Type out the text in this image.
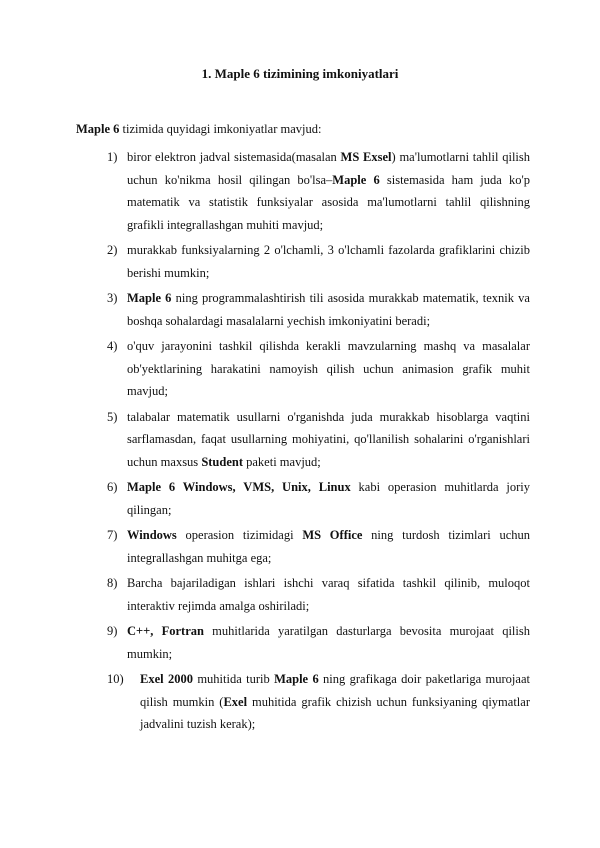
1. Maple 6 tizimining imkoniyatlari
Maple 6 tizimida quyidagi imkoniyatlar mavjud:
1) biror elektron jadval sistemasida(masalan MS Exsel) ma'lumotlarni tahlil qilish uchun ko'nikma hosil qilingan bo'lsa–Maple 6 sistemasida ham juda ko'p matematik va statistik funksiyalar asosida ma'lumotlarni tahlil qilishning grafikli integrallashgan muhiti mavjud;
2) murakkab funksiyalarning 2 o'lchamli, 3 o'lchamli fazolarda grafiklarini chizib berishi mumkin;
3) Maple 6 ning programmalashtirish tili asosida murakkab matematik, texnik va boshqa sohalardagi masalalarni yechish imkoniyatini beradi;
4) o'quv jarayonini tashkil qilishda kerakli mavzularning mashq va masalalar ob'yektlarining harakatini namoyish qilish uchun animasion grafik muhit mavjud;
5) talabalar matematik usullarni o'rganishda juda murakkab hisoblarga vaqtini sarflamasdan, faqat usullarning mohiyatini, qo'llanilish sohalarini o'rganishlari uchun maxsus Student paketi mavjud;
6) Maple 6 Windows, VMS, Unix, Linux kabi operasion muhitlarda joriy qilingan;
7) Windows operasion tizimidagi MS Office ning turdosh tizimlari uchun integrallashgan muhitga ega;
8) Barcha bajariladigan ishlari ishchi varaq sifatida tashkil qilinib, muloqot interaktiv rejimda amalga oshiriladi;
9) C++, Fortran muhitlarida yaratilgan dasturlarga bevosita murojaat qilish mumkin;
10)	Exel 2000 muhitida turib Maple 6 ning grafikaga doir paketlariga murojaat qilish mumkin (Exel muhitida grafik chizish uchun funksiyaning qiymatlar jadvalini tuzish kerak);
